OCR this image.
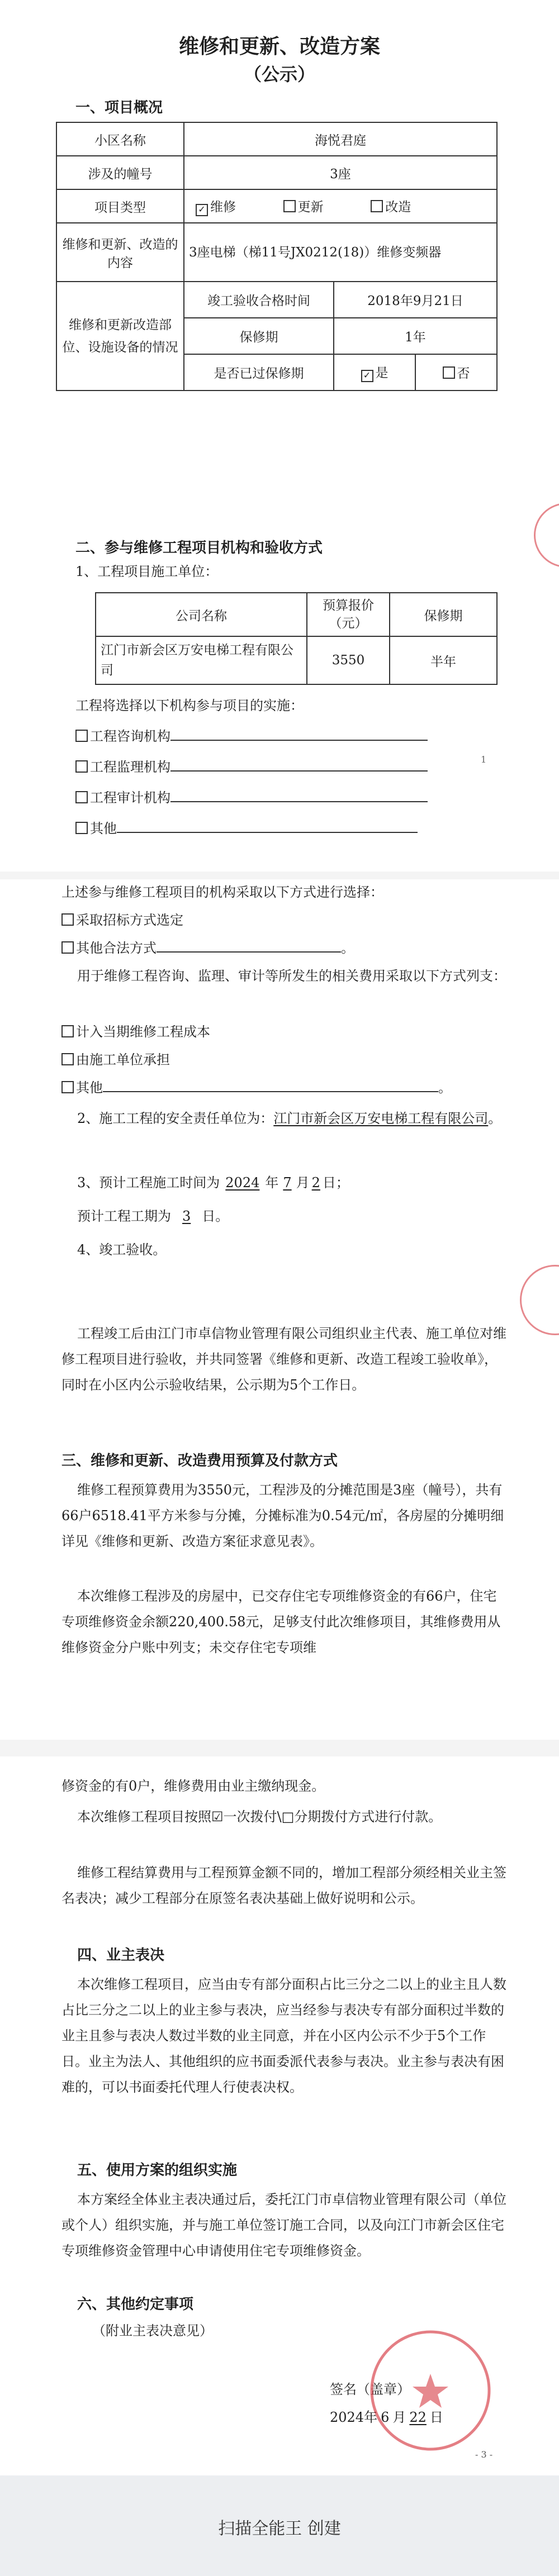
维修和更新、改造方案
（公示）
一、项目概况
小区名称	海悦君庭		
涉及的幢号	3座		
项目类型	✓ 维修 更新 改造		
维修和更新、改造的内容	3座电梯（梯11号JX0212(18)）维修变频器		
维修和更新改造部位、设施设备的情况	竣工验收合格时间	2018年9月21日	
	保修期	1年	
	是否已过保修期	✓ 是	否
二、参与维修工程项目机构和验收方式
1、工程项目施工单位：
公司名称	预算报价（元）	保修期
江门市新会区万安电梯工程有限公司	3550	半年
工程将选择以下机构参与项目的实施：
工程咨询机构
工程监理机构
工程审计机构
其他
1
上述参与维修工程项目的机构采取以下方式进行选择：
采取招标方式选定
其他合法方式	。
用于维修工程咨询、监理、审计等所发生的相关费用采取以下方式列支：
计入当期维修工程成本
由施工单位承担
其他	。
2、施工工程的安全责任单位为：江门市新会区万安电梯工程有限公司。
3、预计工程施工时间为 2024 年 7 月 2 日；
预计工程工期为 3 日。
4、竣工验收。
工程竣工后由江门市卓信物业管理有限公司组织业主代表、施工单位对维修工程项目进行验收，并共同签署《维修和更新、改造工程竣工验收单》，同时在小区内公示验收结果，公示期为5个工作日。
三、维修和更新、改造费用预算及付款方式
维修工程预算费用为3550元，工程涉及的分摊范围是3座（幢号），共有66户6518.41平方米参与分摊，分摊标准为0.54元/㎡，各房屋的分摊明细详见《维修和更新、改造方案征求意见表》。
本次维修工程涉及的房屋中，已交存住宅专项维修资金的有66户，住宅专项维修资金余额220,400.58元，足够支付此次维修项目，其维修费用从维修资金分户账中列支；未交存住宅专项维
修资金的有0户，维修费用由业主缴纳现金。
本次维修工程项目按照☑一次拨付\□分期拨付方式进行付款。
维修工程结算费用与工程预算金额不同的，增加工程部分须经相关业主签名表决；减少工程部分在原签名表决基础上做好说明和公示。
四、业主表决
本次维修工程项目，应当由专有部分面积占比三分之二以上的业主且人数占比三分之二以上的业主参与表决，应当经参与表决专有部分面积过半数的业主且参与表决人数过半数的业主同意，并在小区内公示不少于5个工作日。业主为法人、其他组织的应书面委派代表参与表决。业主参与表决有困难的，可以书面委托代理人行使表决权。
五、使用方案的组织实施
本方案经全体业主表决通过后，委托江门市卓信物业管理有限公司（单位或个人）组织实施，并与施工单位签订施工合同，以及向江门市新会区住宅专项维修资金管理中心申请使用住宅专项维修资金。
六、其他约定事项
（附业主表决意见）
签名（盖章）
2024年 6 月 22 日
- 3 -
扫描全能王 创建
